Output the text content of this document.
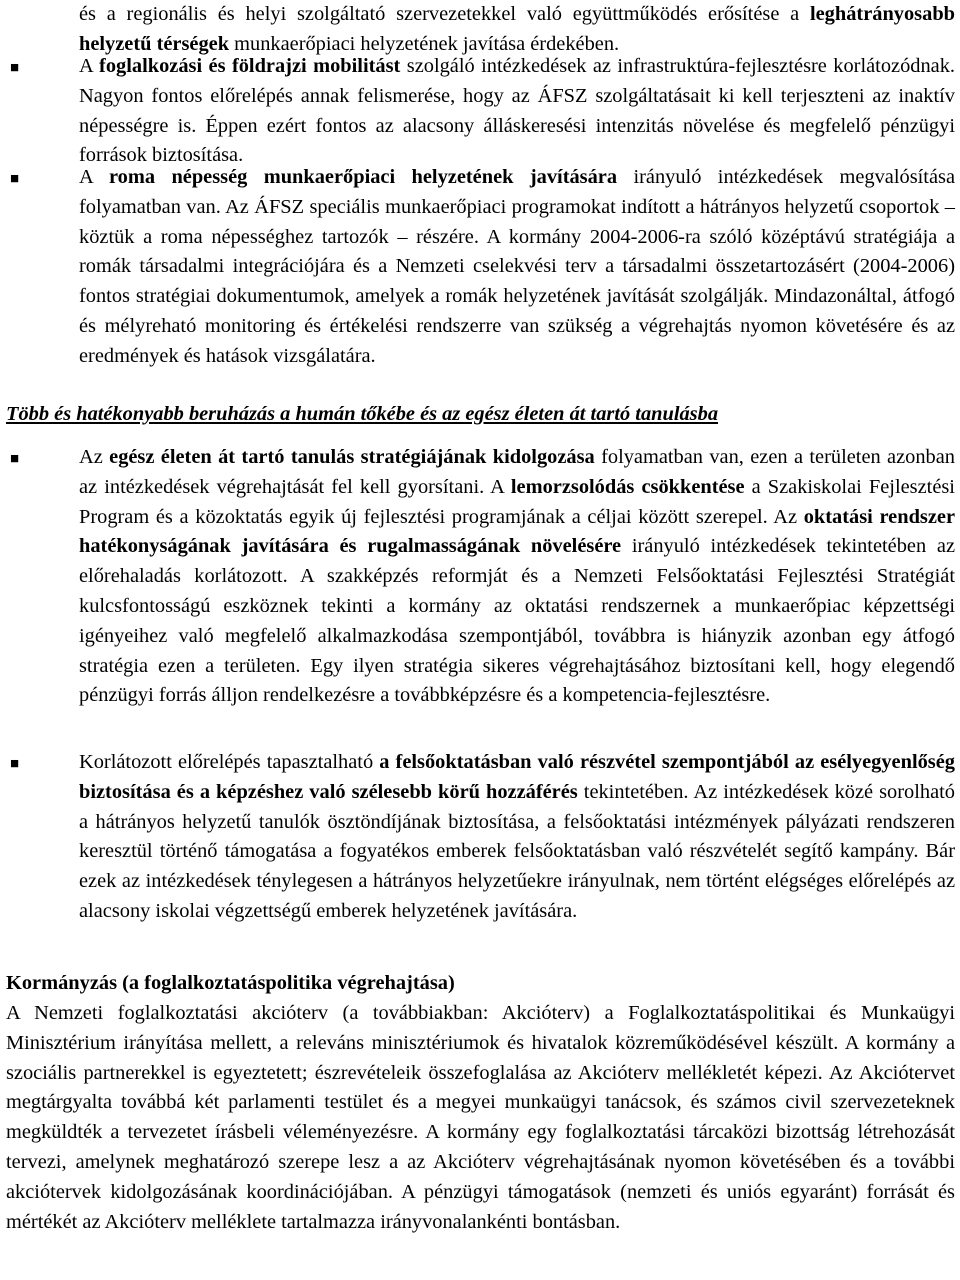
és a regionális és helyi szolgáltató szervezetekkel való együttműködés erősítése a leghátrányosabb helyzetű térségek munkaerőpiaci helyzetének javítása érdekében.

■	A foglalkozási és földrajzi mobilitást szolgáló intézkedések az infrastruktúra-fejlesztésre korlátozódnak. Nagyon fontos előrelépés annak felismerése, hogy az ÁFSZ szolgáltatásait ki kell terjeszteni az inaktív népességre is. Éppen ezért fontos az alacsony álláskeresési intenzitás növelése és megfelelő pénzügyi források biztosítása.

■	A roma népesség munkaerőpiaci helyzetének javítására irányuló intézkedések megvalósítása folyamatban van. Az ÁFSZ speciális munkaerőpiaci programokat indított a hátrányos helyzetű csoportok – köztük a roma népességhez tartozók – részére. A kormány 2004-2006-ra szóló középtávú stratégiája a romák társadalmi integrációjára és a Nemzeti cselekvési terv a társadalmi összetartozásért (2004-2006) fontos stratégiai dokumentumok, amelyek a romák helyzetének javítását szolgálják. Mindazonáltal, átfogó és mélyreható monitoring és értékelési rendszerre van szükség a végrehajtás nyomon követésére és az eredmények és hatások vizsgálatára.

Több és hatékonyabb beruházás a humán tőkébe és az egész életen át tartó tanulásba
■	Az egész életen át tartó tanulás stratégiájának kidolgozása folyamatban van, ezen a területen azonban az intézkedések végrehajtását fel kell gyorsítani. A lemorzsolódás csökkentése a Szakiskolai Fejlesztési Program és a közoktatás egyik új fejlesztési programjának a céljai között szerepel. Az oktatási rendszer hatékonyságának javítására és rugalmasságának növelésére irányuló intézkedések tekintetében az előrehaladás korlátozott. A szakképzés reformját és a Nemzeti Felsőoktatási Fejlesztési Stratégiát kulcsfontosságú eszköznek tekinti a kormány az oktatási rendszernek a munkaerőpiac képzettségi igényeihez való megfelelő alkalmazkodása szempontjából, továbbra is hiányzik azonban egy átfogó stratégia ezen a területen. Egy ilyen stratégia sikeres végrehajtásához biztosítani kell, hogy elegendő pénzügyi forrás álljon rendelkezésre a továbbképzésre és a kompetencia-fejlesztésre.

■	Korlátozott előrelépés tapasztalható a felsőoktatásban való részvétel szempontjából az esélyegyenlőség biztosítása és a képzéshez való szélesebb körű hozzáférés tekintetében. Az intézkedések közé sorolható a hátrányos helyzetű tanulók ösztöndíjának biztosítása, a felsőoktatási intézmények pályázati rendszeren keresztül történő támogatása a fogyatékos emberek felsőoktatásban való részvételét segítő kampány. Bár ezek az intézkedések ténylegesen a hátrányos helyzetűekre irányulnak, nem történt elégséges előrelépés az alacsony iskolai végzettségű emberek helyzetének javítására.

Kormányzás (a foglalkoztatáspolitika végrehajtása)

A Nemzeti foglalkoztatási akcióterv (a továbbiakban: Akcióterv) a Foglalkoztatáspolitikai és Munkaügyi Minisztérium irányítása mellett, a releváns minisztériumok és hivatalok közreműködésével készült. A kormány a szociális partnerekkel is egyeztetett; észrevételeik összefoglalása az Akcióterv mellékletét képezi. Az Akciótervet megtárgyalta továbbá két parlamenti testület és a megyei munkaügyi tanácsok, és számos civil szervezeteknek megküldték a tervezetet írásbeli véleményezésre. A kormány egy foglalkoztatási tárcaközi bizottság létrehozását tervezi, amelynek meghatározó szerepe lesz a az Akcióterv végrehajtásának nyomon követésében és a további akciótervek kidolgozásának koordinációjában. A pénzügyi támogatások (nemzeti és uniós egyaránt) forrását és mértékét az Akcióterv melléklete tartalmazza irányvonalankénti bontásban.
